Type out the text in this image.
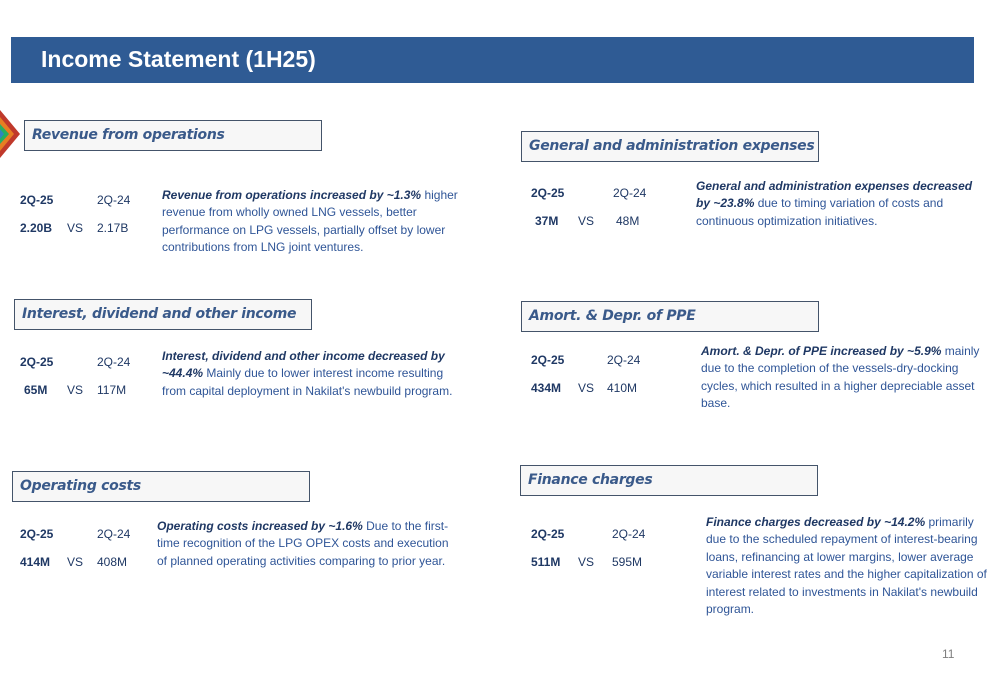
Income Statement (1H25)
Revenue from operations
2Q-25	2Q-24
2.20B VS 2.17B
Revenue from operations increased by ~1.3% higher revenue from wholly owned LNG vessels, better performance on LPG vessels, partially offset by lower contributions from LNG joint ventures.
General and administration expenses
2Q-25	2Q-24
37M VS 48M
General and administration expenses decreased by ~23.8% due to timing variation of costs and continuous optimization initiatives.
Interest, dividend and other income
2Q-25	2Q-24
65M VS 117M
Interest, dividend and other income decreased by ~44.4% Mainly due to lower interest income resulting from capital deployment in Nakilat's newbuild program.
Amort. & Depr. of PPE
2Q-25	2Q-24
434M VS 410M
Amort. & Depr. of PPE increased by ~5.9% mainly due to the completion of the vessels-dry-docking cycles, which resulted in a higher depreciable asset base.
Operating costs
2Q-25	2Q-24
414M VS 408M
Operating costs increased by ~1.6% Due to the first-time recognition of the LPG OPEX costs and execution of planned operating activities comparing to prior year.
Finance charges
2Q-25	2Q-24
511M VS 595M
Finance charges decreased by ~14.2% primarily due to the scheduled repayment of interest-bearing loans, refinancing at lower margins, lower average variable interest rates and the higher capitalization of interest related to investments in Nakilat's newbuild program.
11
